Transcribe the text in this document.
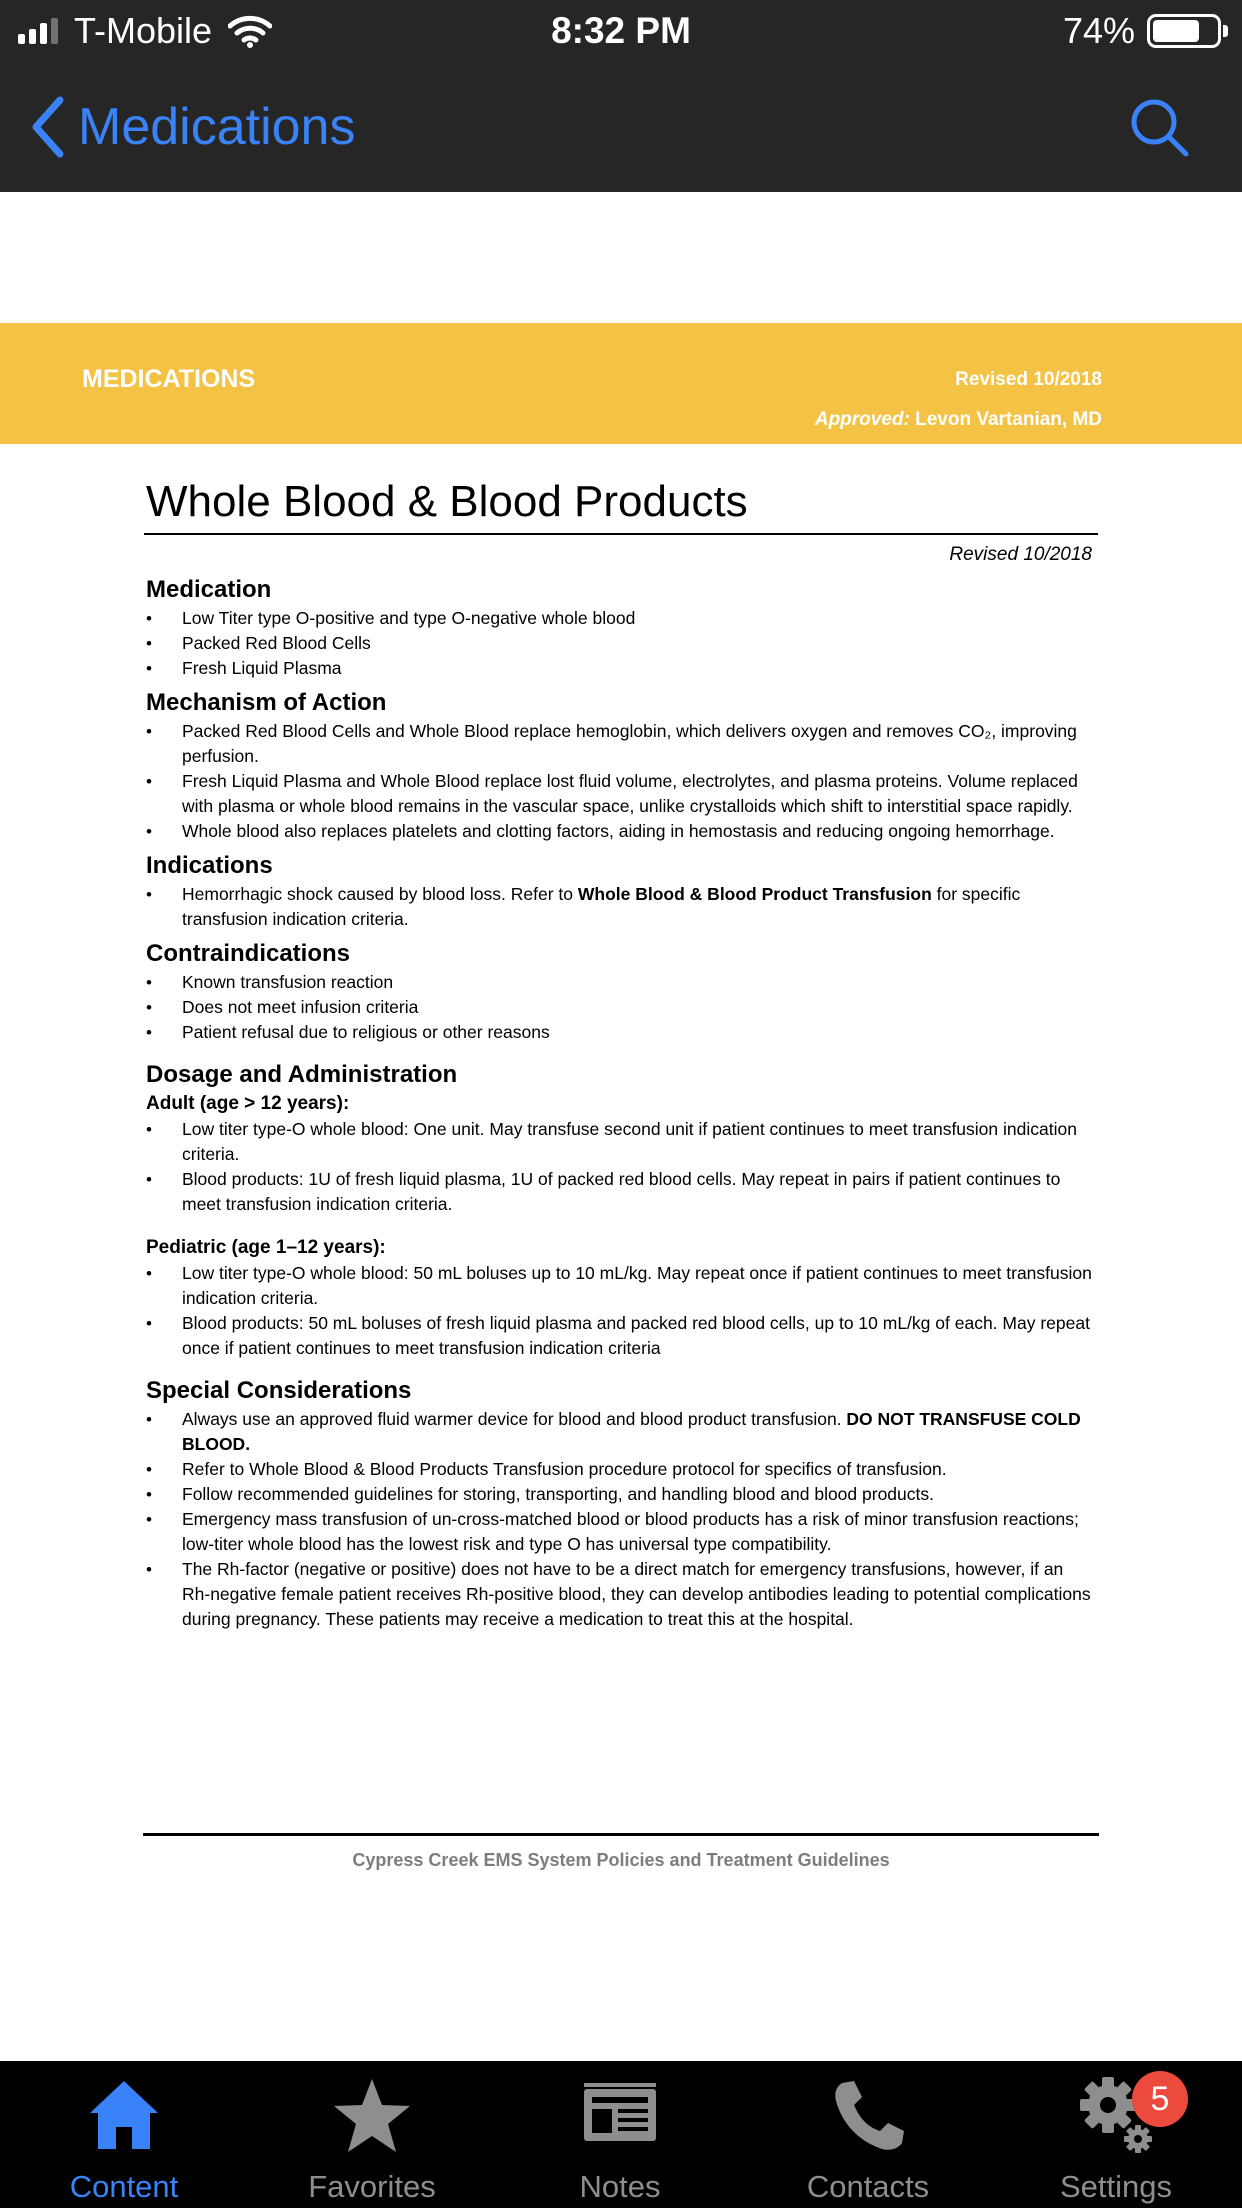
T-Mobile	8:32 PM	74%
Medications
MEDICATIONS	Revised 10/2018
Approved: Levon Vartanian, MD
Whole Blood & Blood Products
Revised 10/2018
Medication
• Low Titer type O-positive and type O-negative whole blood
• Packed Red Blood Cells
• Fresh Liquid Plasma
Mechanism of Action
• Packed Red Blood Cells and Whole Blood replace hemoglobin, which delivers oxygen and removes CO₂, improving perfusion.
• Fresh Liquid Plasma and Whole Blood replace lost fluid volume, electrolytes, and plasma proteins. Volume replaced with plasma or whole blood remains in the vascular space, unlike crystalloids which shift to interstitial space rapidly.
• Whole blood also replaces platelets and clotting factors, aiding in hemostasis and reducing ongoing hemorrhage.
Indications
• Hemorrhagic shock caused by blood loss. Refer to Whole Blood & Blood Product Transfusion for specific transfusion indication criteria.
Contraindications
• Known transfusion reaction
• Does not meet infusion criteria
• Patient refusal due to religious or other reasons
Dosage and Administration
Adult (age > 12 years):
• Low titer type-O whole blood: One unit. May transfuse second unit if patient continues to meet transfusion indication criteria.
• Blood products: 1U of fresh liquid plasma, 1U of packed red blood cells. May repeat in pairs if patient continues to meet transfusion indication criteria.
Pediatric (age 1–12 years):
• Low titer type-O whole blood: 50 mL boluses up to 10 mL/kg. May repeat once if patient continues to meet transfusion indication criteria.
• Blood products: 50 mL boluses of fresh liquid plasma and packed red blood cells, up to 10 mL/kg of each. May repeat once if patient continues to meet transfusion indication criteria
Special Considerations
• Always use an approved fluid warmer device for blood and blood product transfusion. DO NOT TRANSFUSE COLD BLOOD.
• Refer to Whole Blood & Blood Products Transfusion procedure protocol for specifics of transfusion.
• Follow recommended guidelines for storing, transporting, and handling blood and blood products.
• Emergency mass transfusion of un-cross-matched blood or blood products has a risk of minor transfusion reactions; low-titer whole blood has the lowest risk and type O has universal type compatibility.
• The Rh-factor (negative or positive) does not have to be a direct match for emergency transfusions, however, if an Rh-negative female patient receives Rh-positive blood, they can develop antibodies leading to potential complications during pregnancy. These patients may receive a medication to treat this at the hospital.
Cypress Creek EMS System Policies and Treatment Guidelines
Content	Favorites	Notes	Contacts
5
Settings
